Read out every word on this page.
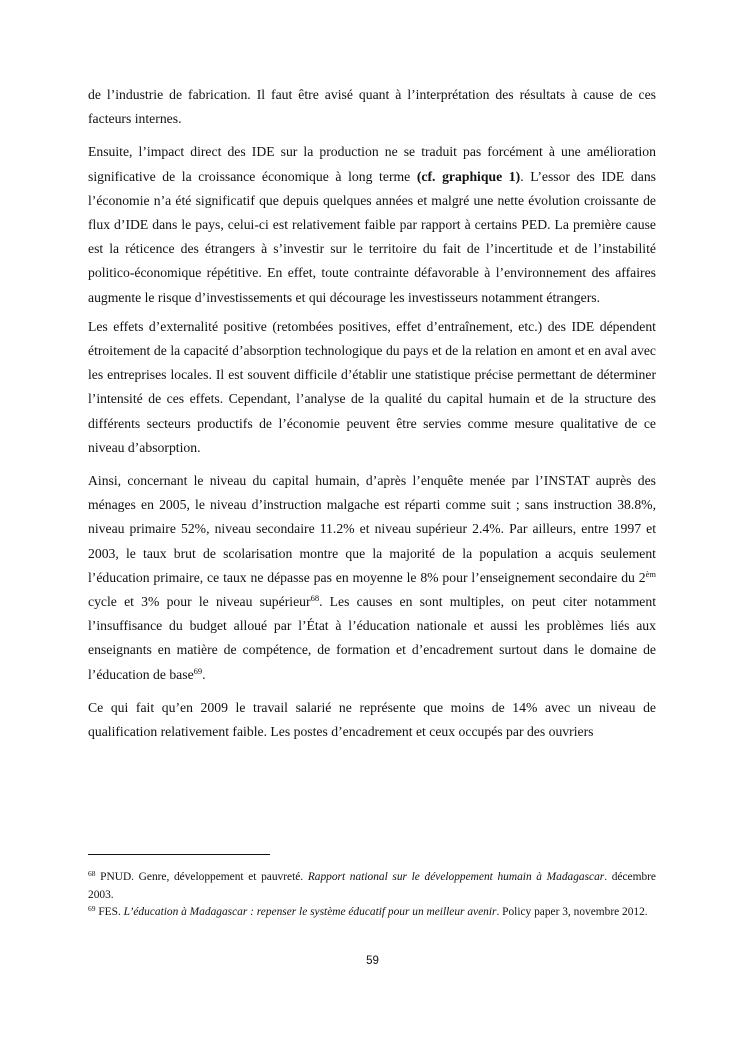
de l’industrie de fabrication. Il faut être avisé quant à l’interprétation des résultats à cause de ces facteurs internes.

Ensuite, l’impact direct des IDE sur la production ne se traduit pas forcément à une amélioration significative de la croissance économique à long terme (cf. graphique 1). L’essor des IDE dans l’économie n’a été significatif que depuis quelques années et malgré une nette évolution croissante de flux d’IDE dans le pays, celui-ci est relativement faible par rapport à certains PED. La première cause est la réticence des étrangers à s’investir sur le territoire du fait de l’incertitude et de l’instabilité politico-économique répétitive. En effet, toute contrainte défavorable à l’environnement des affaires augmente le risque d’investissements et qui décourage les investisseurs notamment étrangers.

Les effets d’externalité positive (retombées positives, effet d’entraînement, etc.) des IDE dépendent étroitement de la capacité d’absorption technologique du pays et de la relation en amont et en aval avec les entreprises locales. Il est souvent difficile d’établir une statistique précise permettant de déterminer l’intensité de ces effets. Cependant, l’analyse de la qualité du capital humain et de la structure des différents secteurs productifs de l’économie peuvent être servies comme mesure qualitative de ce niveau d’absorption.

Ainsi, concernant le niveau du capital humain, d’après l’enquête menée par l’INSTAT auprès des ménages en 2005, le niveau d’instruction malgache est réparti comme suit ; sans instruction 38.8%, niveau primaire 52%, niveau secondaire 11.2% et niveau supérieur 2.4%. Par ailleurs, entre 1997 et 2003, le taux brut de scolarisation montre que la majorité de la population a acquis seulement l’éducation primaire, ce taux ne dépasse pas en moyenne le 8% pour l’enseignement secondaire du $2^{èm}$ cycle et 3% pour le niveau supérieur$^{68}$. Les causes en sont multiples, on peut citer notamment l’insuffisance du budget alloué par l’État à l’éducation nationale et aussi les problèmes liés aux enseignants en matière de compétence, de formation et d’encadrement surtout dans le domaine de l’éducation de base$^{69}$.

Ce qui fait qu’en 2009 le travail salarié ne représente que moins de 14% avec un niveau de qualification relativement faible. Les postes d’encadrement et ceux occupés par des ouvriers

$^{68}$ PNUD. Genre, développement et pauvreté. Rapport national sur le développement humain à Madagascar. décembre 2003.

$^{69}$ FES. L’éducation à Madagascar : repenser le système éducatif pour un meilleur avenir. Policy paper 3, novembre 2012.

59
